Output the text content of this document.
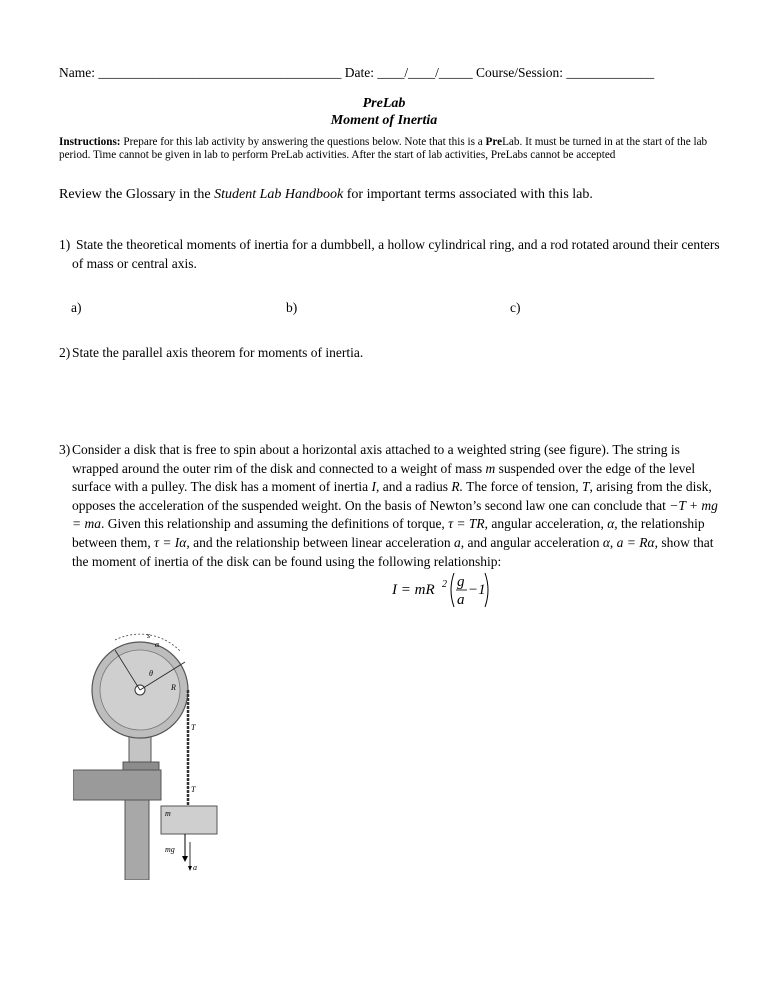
Name: ____________________________________ Date: ____/____/_____ Course/Session: _____________
PreLab
Moment of Inertia
Instructions: Prepare for this lab activity by answering the questions below. Note that this is a PreLab. It must be turned in at the start of the lab period. Time cannot be given in lab to perform PreLab activities. After the start of lab activities, PreLabs cannot be accepted
Review the Glossary in the Student Lab Handbook for important terms associated with this lab.
1) State the theoretical moments of inertia for a dumbbell, a hollow cylindrical ring, and a rod rotated around their centers of mass or central axis.
a)	b)	c)
2) State the parallel axis theorem for moments of inertia.
3) Consider a disk that is free to spin about a horizontal axis attached to a weighted string (see figure). The string is wrapped around the outer rim of the disk and connected to a weight of mass m suspended over the edge of the level surface with a pulley. The disk has a moment of inertia I, and a radius R. The force of tension, T, arising from the disk, opposes the acceleration of the suspended weight. On the basis of Newton’s second law one can conclude that −T + mg = ma. Given this relationship and assuming the definitions of torque, τ = TR, angular acceleration, α, the relationship between them, τ = Iα, and the relationship between linear acceleration a, and angular acceleration α, a = Rα, show that the moment of inertia of the disk can be found using the following relationship:
I = mR 2 g
a
−1
s
α
θ
R
T
T
m
mg
a
